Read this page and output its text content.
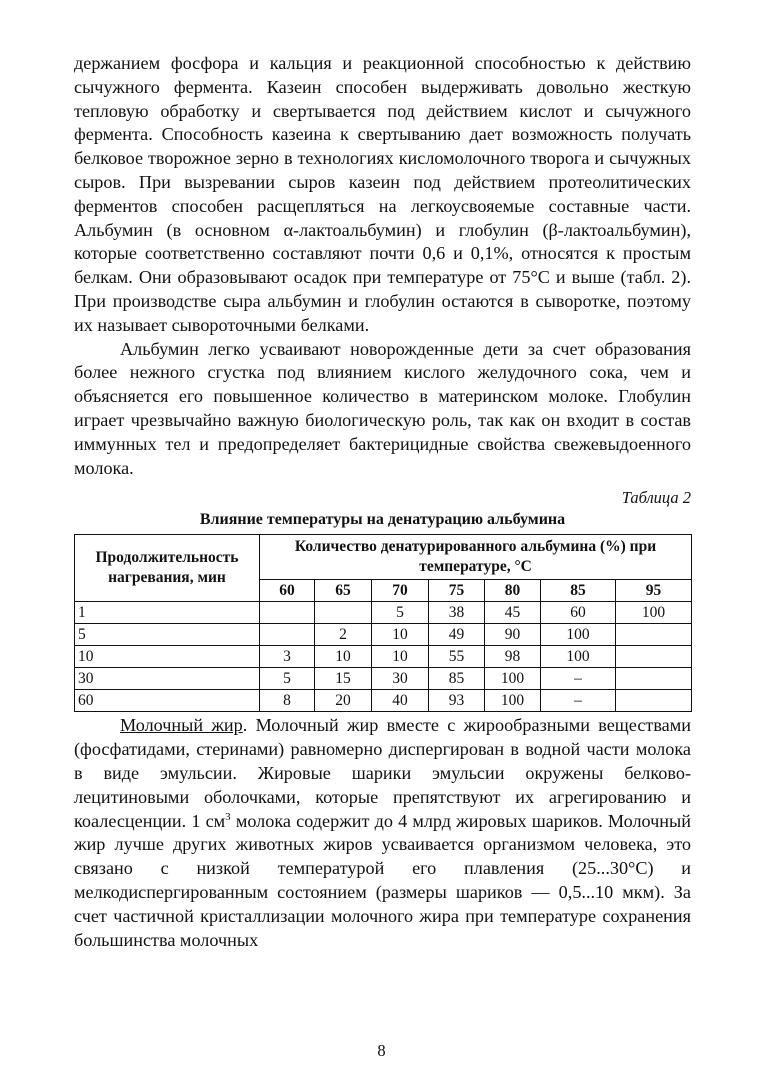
держанием фосфора и кальция и реакционной способностью к действию сычужного фермента. Казеин способен выдерживать довольно жесткую тепловую обработку и свертывается под действием кислот и сычужного фермента. Способность казеина к свертыванию дает возможность получать белковое творожное зерно в технологиях кисломолочного творога и сычужных сыров. При вызревании сыров казеин под действием протеолитических ферментов способен расщепляться на легкоусвояемые составные части. Альбумин (в основном α-лактоальбумин) и глобулин (β-лактоальбумин), которые соответственно составляют почти 0,6 и 0,1%, относятся к простым белкам. Они образовывают осадок при температуре от 75°С и выше (табл. 2). При производстве сыра альбумин и глобулин остаются в сыворотке, поэтому их называет сывороточными белками.

Альбумин легко усваивают новорожденные дети за счет образования более нежного сгустка под влиянием кислого желудочного сока, чем и объясняется его повышенное количество в материнском молоке. Глобулин играет чрезвычайно важную биологическую роль, так как он входит в состав иммунных тел и предопределяет бактерицидные свойства свежевыдоенного молока.

Таблица 2
Влияние температуры на денатурацию альбумина
Продолжительность нагревания, мин	Количество денатурированного альбумина (%) при температуре, °С						
	60	65	70	75	80	85	95
1			5	38	45	60	100
5		2	10	49	90	100	
10	3	10	10	55	98	100	
30	5	15	30	85	100	–	
60	8	20	40	93	100	–	

Молочный жир. Молочный жир вместе с жирообразными веществами (фосфатидами, стеринами) равномерно диспергирован в водной части молока в виде эмульсии. Жировые шарики эмульсии окружены белково-лецитиновыми оболочками, которые препятствуют их агрегированию и коалесценции. 1 $см^3$ молока содержит до 4 млрд жировых шариков. Молочный жир лучше других животных жиров усваивается организмом человека, это связано с низкой температурой его плавления (25...30°С) и мелкодиспергированным состоянием (размеры шариков — 0,5...10 мкм). За счет частичной кристаллизации молочного жира при температуре сохранения большинства молочных

8
